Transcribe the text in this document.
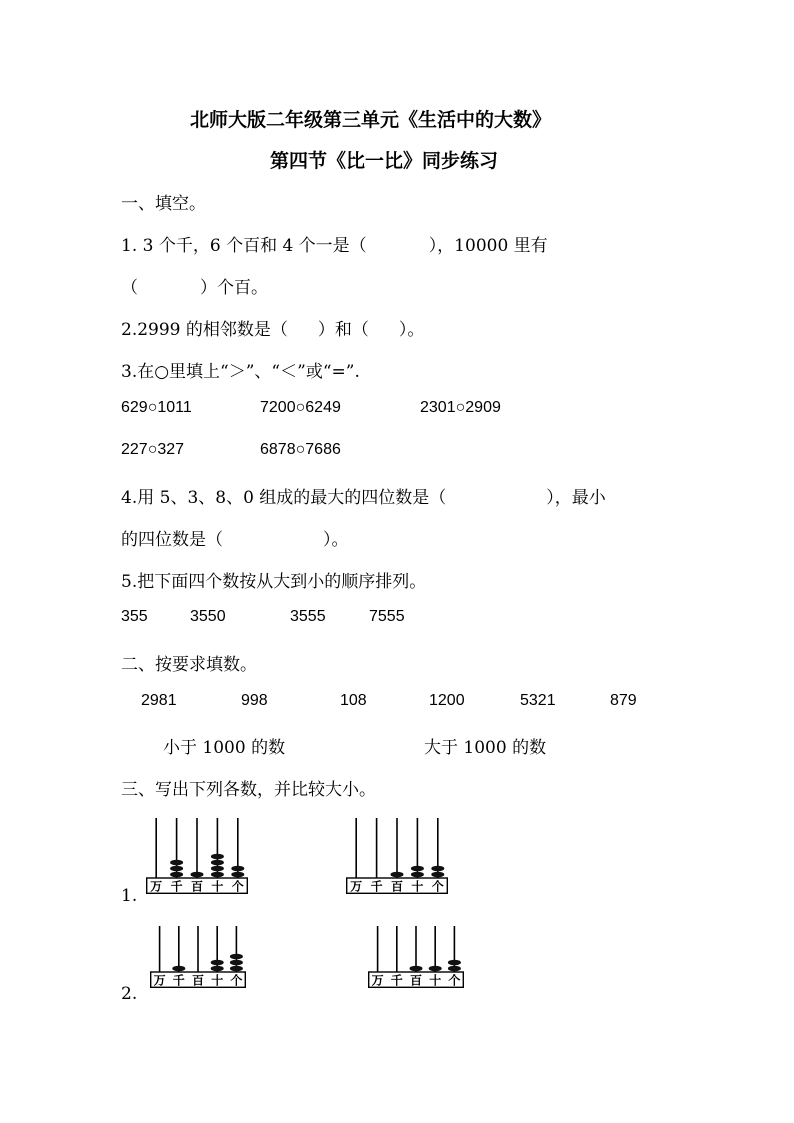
北师大版二年级第三单元《生活中的大数》
第四节《比一比》同步练习
一、填空。
1. 3 个千，6 个百和 4 个一是（	），10000 里有
（	）个百。
2.2999 的相邻数是（ ）和（ ）。
3.在○里填上“＞”、“＜”或“=”.
629○1011	7200○6249	2301○2909
227○327	6878○7686
4.用 5、3、8、0 组成的最大的四位数是（	），最小
的四位数是（	）。
5.把下面四个数按从大到小的顺序排列。
355	3550	3555	7555
二、按要求填数。
2981	998	108	1200	5321	879
小于 1000 的数	大于 1000 的数
三、写出下列各数，并比较大小。
1.
2.
万 千 百 十 个	万 千 百 十 个
万 千 百 十 个	万 千 百 十 个
